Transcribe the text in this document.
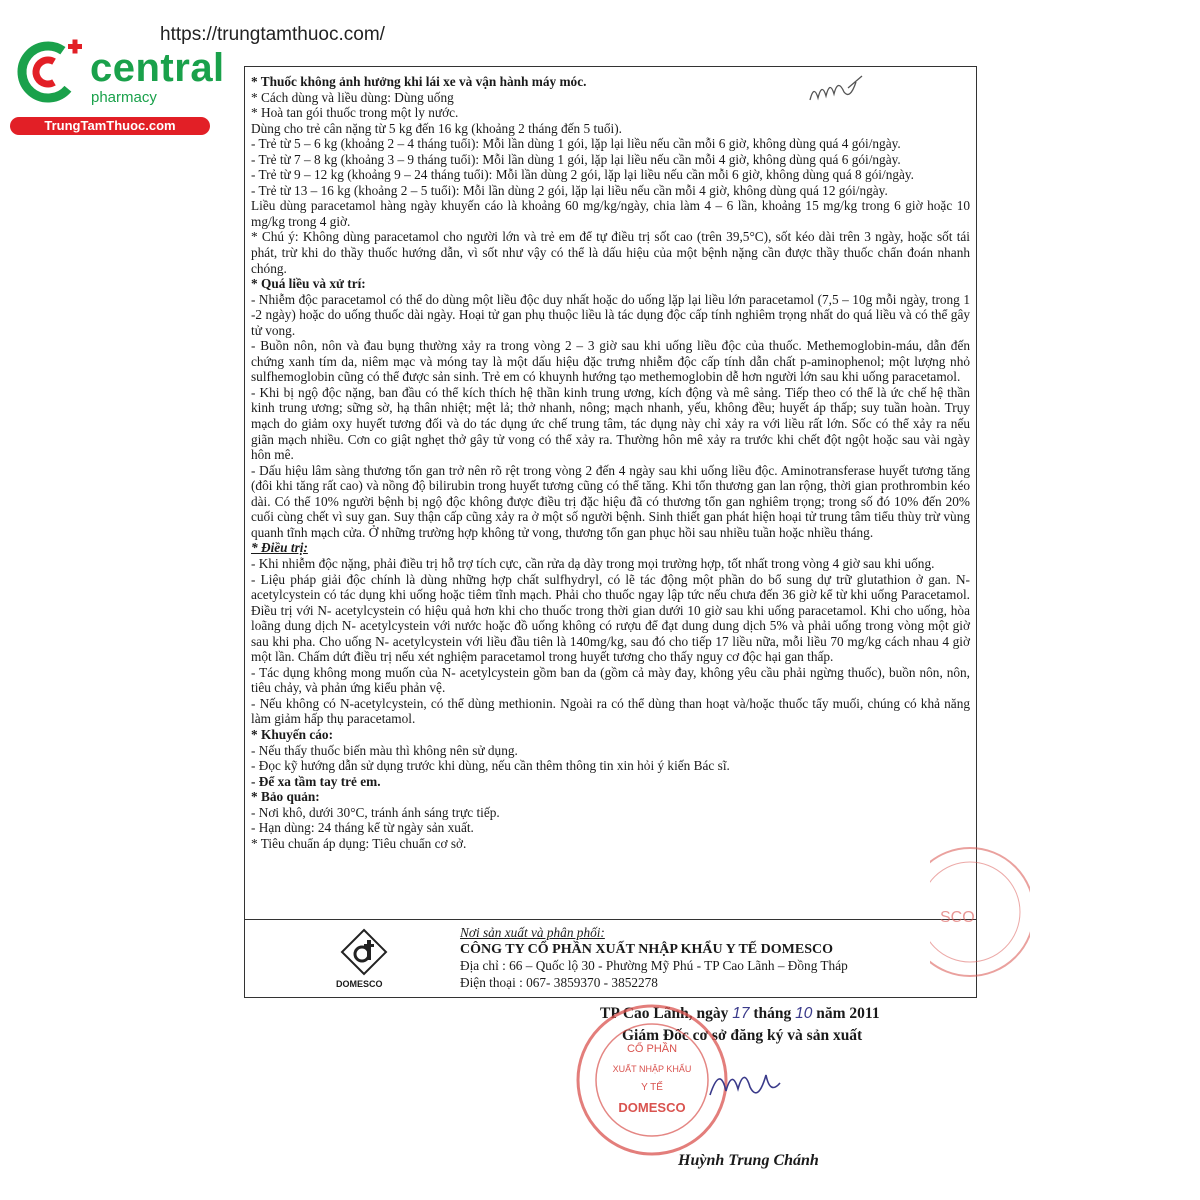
central
pharmacy
TrungTamThuoc.com
https://trungtamthuoc.com/

* Thuốc không ảnh hưởng khi lái xe và vận hành máy móc.

* Cách dùng và liều dùng: Dùng uống

* Hoà tan gói thuốc trong một ly nước.

Dùng cho trẻ cân nặng từ 5 kg đến 16 kg (khoảng 2 tháng đến 5 tuổi).

- Trẻ từ 5 – 6 kg (khoảng 2 – 4 tháng tuổi): Mỗi lần dùng 1 gói, lặp lại liều nếu cần mỗi 6 giờ, không dùng quá 4 gói/ngày.

- Trẻ từ 7 – 8 kg (khoảng 3 – 9 tháng tuổi): Mỗi lần dùng 1 gói, lặp lại liều nếu cần mỗi 4 giờ, không dùng quá 6 gói/ngày.

- Trẻ từ 9 – 12 kg (khoảng 9 – 24 tháng tuổi): Mỗi lần dùng 2 gói, lặp lại liều nếu cần mỗi 6 giờ, không dùng quá 8 gói/ngày.

- Trẻ từ 13 – 16 kg (khoảng 2 – 5 tuổi): Mỗi lần dùng 2 gói, lặp lại liều nếu cần mỗi 4 giờ, không dùng quá 12 gói/ngày.

Liều dùng paracetamol hàng ngày khuyến cáo là khoảng 60 mg/kg/ngày, chia làm 4 – 6 lần, khoảng 15 mg/kg trong 6 giờ hoặc 10 mg/kg trong 4 giờ.

* Chú ý: Không dùng paracetamol cho người lớn và trẻ em để tự điều trị sốt cao (trên 39,5°C), sốt kéo dài trên 3 ngày, hoặc sốt tái phát, trừ khi do thầy thuốc hướng dẫn, vì sốt như vậy có thể là dấu hiệu của một bệnh nặng cần được thầy thuốc chẩn đoán nhanh chóng.

* Quá liều và xử trí:

- Nhiễm độc paracetamol có thể do dùng một liều độc duy nhất hoặc do uống lặp lại liều lớn paracetamol (7,5 – 10g mỗi ngày, trong 1 -2 ngày) hoặc do uống thuốc dài ngày. Hoại tử gan phụ thuộc liều là tác dụng độc cấp tính nghiêm trọng nhất do quá liều và có thể gây tử vong.

- Buồn nôn, nôn và đau bụng thường xảy ra trong vòng 2 – 3 giờ sau khi uống liều độc của thuốc. Methemoglobin-máu, dẫn đến chứng xanh tím da, niêm mạc và móng tay là một dấu hiệu đặc trưng nhiễm độc cấp tính dẫn chất p-aminophenol; một lượng nhỏ sulfhemoglobin cũng có thể được sản sinh. Trẻ em có khuynh hướng tạo methemoglobin dễ hơn người lớn sau khi uống paracetamol.

- Khi bị ngộ độc nặng, ban đầu có thể kích thích hệ thần kinh trung ương, kích động và mê sảng. Tiếp theo có thể là ức chế hệ thần kinh trung ương; sững sờ, hạ thân nhiệt; mệt lả; thở nhanh, nông; mạch nhanh, yếu, không đều; huyết áp thấp; suy tuần hoàn. Trụy mạch do giảm oxy huyết tương đối và do tác dụng ức chế trung tâm, tác dụng này chỉ xảy ra với liều rất lớn. Sốc có thể xảy ra nếu giãn mạch nhiều. Cơn co giật nghẹt thở gây tử vong có thể xảy ra. Thường hôn mê xảy ra trước khi chết đột ngột hoặc sau vài ngày hôn mê.

- Dấu hiệu lâm sàng thương tổn gan trở nên rõ rệt trong vòng 2 đến 4 ngày sau khi uống liều độc. Aminotransferase huyết tương tăng (đôi khi tăng rất cao) và nồng độ bilirubin trong huyết tương cũng có thể tăng. Khi tổn thương gan lan rộng, thời gian prothrombin kéo dài. Có thể 10% người bệnh bị ngộ độc không được điều trị đặc hiệu đã có thương tổn gan nghiêm trọng; trong số đó 10% đến 20% cuối cùng chết vì suy gan. Suy thận cấp cũng xảy ra ở một số người bệnh. Sinh thiết gan phát hiện hoại tử trung tâm tiểu thùy trừ vùng quanh tĩnh mạch cửa. Ở những trường hợp không tử vong, thương tổn gan phục hồi sau nhiều tuần hoặc nhiều tháng.

* Điều trị:

- Khi nhiễm độc nặng, phải điều trị hỗ trợ tích cực, cần rửa dạ dày trong mọi trường hợp, tốt nhất trong vòng 4 giờ sau khi uống.

- Liệu pháp giải độc chính là dùng những hợp chất sulfhydryl, có lẽ tác động một phần do bổ sung dự trữ glutathion ở gan. N-acetylcystein có tác dụng khi uống hoặc tiêm tĩnh mạch. Phải cho thuốc ngay lập tức nếu chưa đến 36 giờ kể từ khi uống Paracetamol. Điều trị với N- acetylcystein có hiệu quả hơn khi cho thuốc trong thời gian dưới 10 giờ sau khi uống paracetamol. Khi cho uống, hòa loãng dung dịch N- acetylcystein với nước hoặc đồ uống không có rượu để đạt dung dung dịch 5% và phải uống trong vòng một giờ sau khi pha. Cho uống N- acetylcystein với liều đầu tiên là 140mg/kg, sau đó cho tiếp 17 liều nữa, mỗi liều 70 mg/kg cách nhau 4 giờ một lần. Chấm dứt điều trị nếu xét nghiệm paracetamol trong huyết tương cho thấy nguy cơ độc hại gan thấp.

- Tác dụng không mong muốn của N- acetylcystein gồm ban da (gồm cả mày đay, không yêu cầu phải ngừng thuốc), buồn nôn, nôn, tiêu chảy, và phản ứng kiểu phản vệ.

- Nếu không có N-acetylcystein, có thể dùng methionin. Ngoài ra có thể dùng than hoạt và/hoặc thuốc tẩy muối, chúng có khả năng làm giảm hấp thụ paracetamol.

* Khuyến cáo:

- Nếu thấy thuốc biến màu thì không nên sử dụng.

- Đọc kỹ hướng dẫn sử dụng trước khi dùng, nếu cần thêm thông tin xin hỏi ý kiến Bác sĩ.

- Để xa tầm tay trẻ em.

* Bảo quản:

- Nơi khô, dưới 30°C, tránh ánh sáng trực tiếp.

- Hạn dùng: 24 tháng kể từ ngày sản xuất.

* Tiêu chuẩn áp dụng: Tiêu chuẩn cơ sở.

DOMESCO
Nơi sản xuất và phân phối:
CÔNG TY CỔ PHẦN XUẤT NHẬP KHẨU Y TẾ DOMESCO
Địa chỉ : 66 – Quốc lộ 30 - Phường Mỹ Phú - TP Cao Lãnh – Đồng Tháp
Điện thoại : 067- 3859370 - 3852278
SCO
TP Cao Lãnh, ngày 17 tháng 10 năm 2011
Giám Đốc cơ sở đăng ký và sản xuất
CỔ PHẦN
XUẤT NHẬP KHẨU
Y TẾ
DOMESCO
Huỳnh Trung Chánh
